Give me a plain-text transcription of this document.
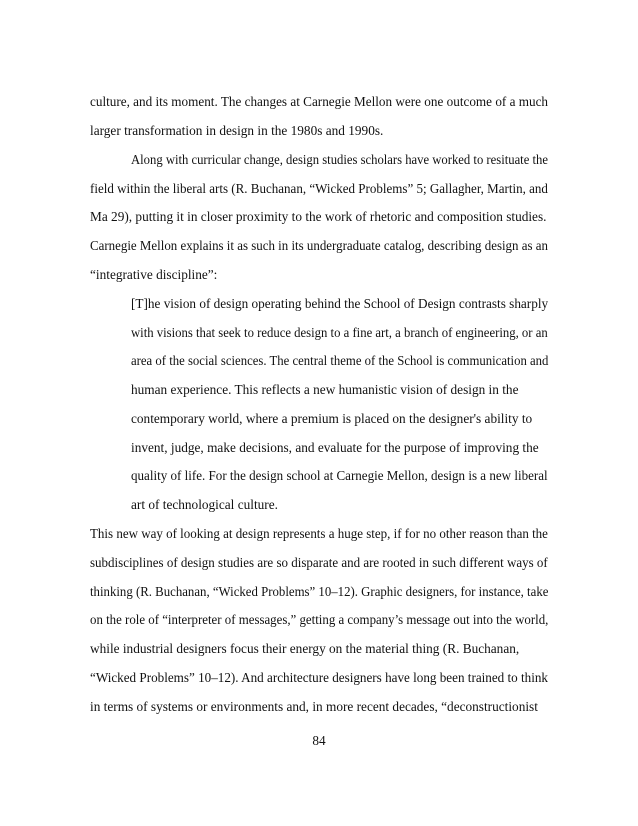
culture, and its moment. The changes at Carnegie Mellon were one outcome of a much
larger transformation in design in the 1980s and 1990s.
Along with curricular change, design studies scholars have worked to resituate the
field within the liberal arts (R. Buchanan, “Wicked Problems” 5; Gallagher, Martin, and
Ma 29), putting it in closer proximity to the work of rhetoric and composition studies.
Carnegie Mellon explains it as such in its undergraduate catalog, describing design as an
“integrative discipline”:
[T]he vision of design operating behind the School of Design contrasts sharply
with visions that seek to reduce design to a fine art, a branch of engineering, or an
area of the social sciences. The central theme of the School is communication and
human experience. This reflects a new humanistic vision of design in the
contemporary world, where a premium is placed on the designer's ability to
invent, judge, make decisions, and evaluate for the purpose of improving the
quality of life. For the design school at Carnegie Mellon, design is a new liberal
art of technological culture.
This new way of looking at design represents a huge step, if for no other reason than the
subdisciplines of design studies are so disparate and are rooted in such different ways of
thinking (R. Buchanan, “Wicked Problems” 10–12). Graphic designers, for instance, take
on the role of “interpreter of messages,” getting a company’s message out into the world,
while industrial designers focus their energy on the material thing (R. Buchanan,
“Wicked Problems” 10–12). And architecture designers have long been trained to think
in terms of systems or environments and, in more recent decades, “deconstructionist
84
